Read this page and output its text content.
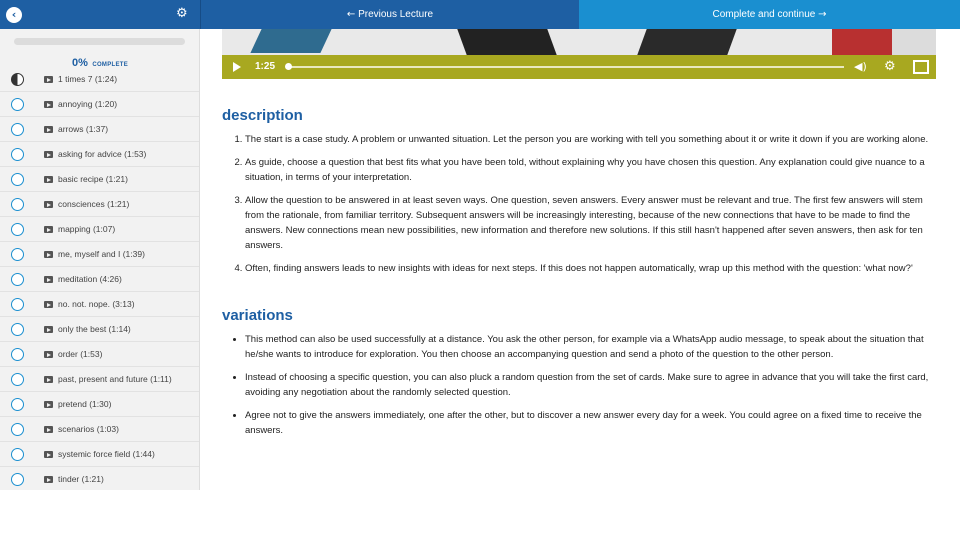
‹	⚙	←
Previous Lecture	Complete and continue
→
0% COMPLETE
1 times 7 (1:24)
annoying (1:20)
arrows (1:37)
asking for advice (1:53)
basic recipe (1:21)
consciences (1:21)
mapping (1:07)
me, myself and I (1:39)
meditation (4:26)
no. not. nope. (3:13)
only the best (1:14)
order (1:53)
past, present and future (1:11)
pretend (1:30)
scenarios (1:03)
systemic force field (1:44)
tinder (1:21)
1:25	◀︎) ⚙
description
1. The start is a case study. A problem or unwanted situation. Let the person you are working with tell you something about it or write it down if you are working alone.
2. As guide, choose a question that best fits what you have been told, without explaining why you have chosen this question. Any explanation could give nuance to a situation, in terms of your interpretation.
3. Allow the question to be answered in at least seven ways. One question, seven answers. Every answer must be relevant and true. The first few answers will stem from the rationale, from familiar territory. Subsequent answers will be increasingly interesting, because of the new connections that have to be made to find the answers. New connections mean new possibilities, new information and therefore new solutions. If this still hasn't happened after seven answers, then ask for ten answers.
4. Often, finding answers leads to new insights with ideas for next steps. If this does not happen automatically, wrap up this method with the question: 'what now?'
variations
• This method can also be used successfully at a distance. You ask the other person, for example via a WhatsApp audio message, to speak about the situation that he/she wants to introduce for exploration. You then choose an accompanying question and send a photo of the question to the other person.
• Instead of choosing a specific question, you can also pluck a random question from the set of cards. Make sure to agree in advance that you will take the first card, avoiding any negotiation about the randomly selected question.
• Agree not to give the answers immediately, one after the other, but to discover a new answer every day for a week. You could agree on a fixed time to receive the answers.
